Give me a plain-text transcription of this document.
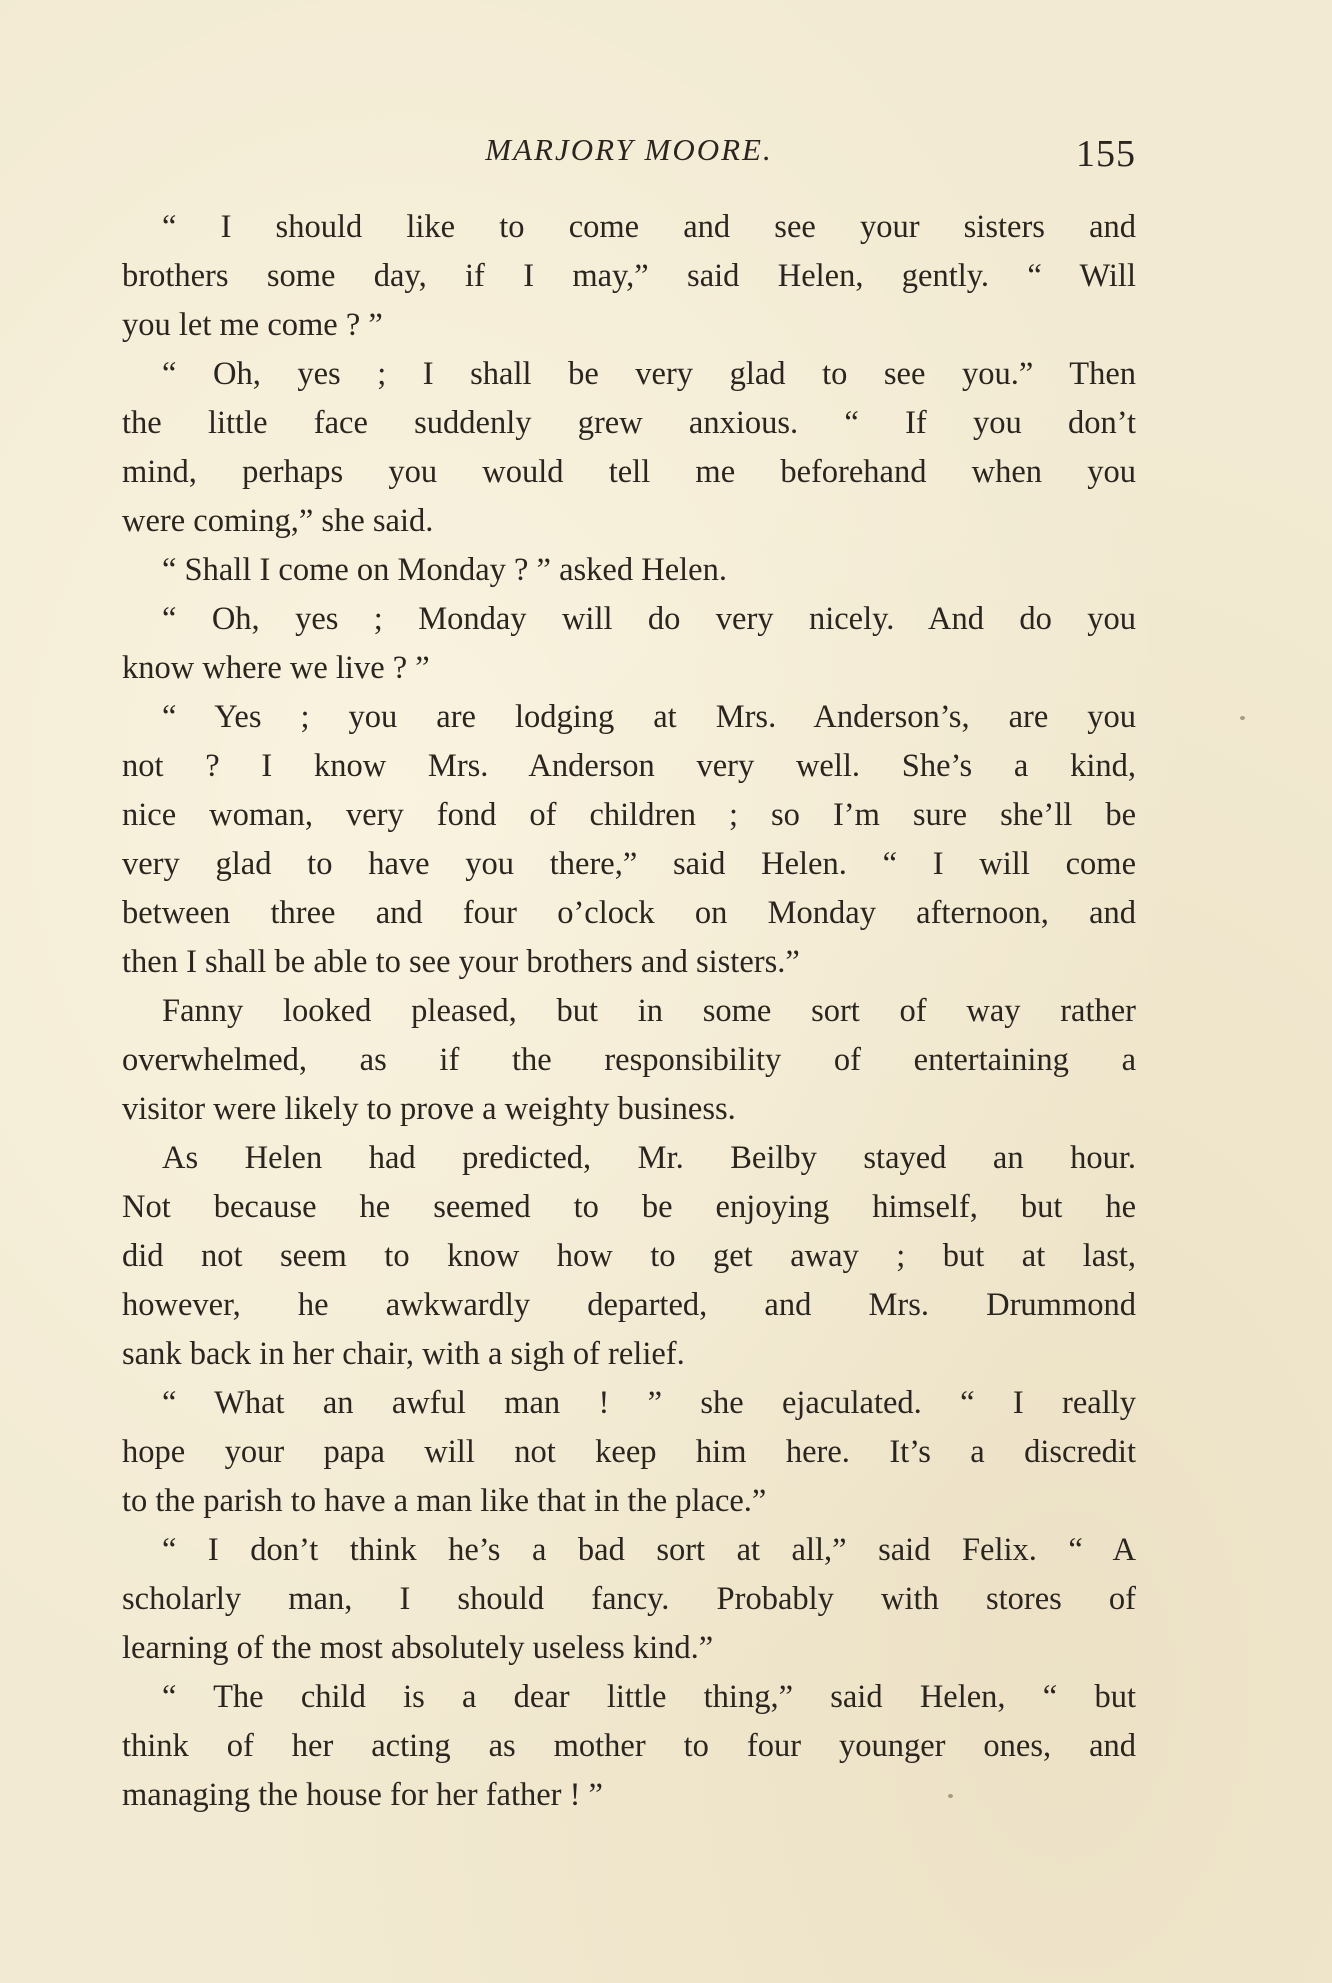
MARJORY MOORE.	155
“ I should like to come and see your sisters and
brothers some day, if I may,” said Helen, gently. “ Will
you let me come ? ”
“ Oh, yes ; I shall be very glad to see you.” Then
the little face suddenly grew anxious. “ If you don’t
mind, perhaps you would tell me beforehand when you
were coming,” she said.
“ Shall I come on Monday ? ” asked Helen.
“ Oh, yes ; Monday will do very nicely. And do you
know where we live ? ”
“ Yes ; you are lodging at Mrs. Anderson’s, are you
not ? I know Mrs. Anderson very well. She’s a kind,
nice woman, very fond of children ; so I’m sure she’ll be
very glad to have you there,” said Helen. “ I will come
between three and four o’clock on Monday afternoon, and
then I shall be able to see your brothers and sisters.”
Fanny looked pleased, but in some sort of way rather
overwhelmed, as if the responsibility of entertaining a
visitor were likely to prove a weighty business.
As Helen had predicted, Mr. Beilby stayed an hour.
Not because he seemed to be enjoying himself, but he
did not seem to know how to get away ; but at last,
however, he awkwardly departed, and Mrs. Drummond
sank back in her chair, with a sigh of relief.
“ What an awful man ! ” she ejaculated. “ I really
hope your papa will not keep him here. It’s a discredit
to the parish to have a man like that in the place.”
“ I don’t think he’s a bad sort at all,” said Felix. “ A
scholarly man, I should fancy. Probably with stores of
learning of the most absolutely useless kind.”
“ The child is a dear little thing,” said Helen, “ but
think of her acting as mother to four younger ones, and
managing the house for her father ! ”
